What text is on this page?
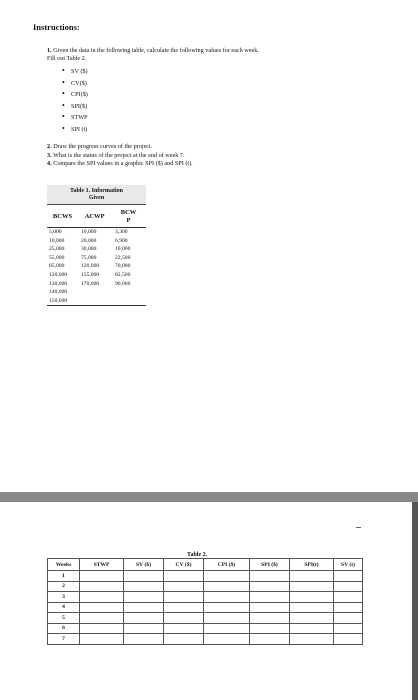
Instructions:
1. Given the data in the following table, calculate the following values for each week.
Fill out Table 2.
• SV ($)
• CV($)
• CPI($)
• SPI($)
• STWP
• SPI (t)
2. Draw the progress curves of the project.
3. What is the status of the project at the end of week 7.
4. Compare the SPI values in a graphic SPI ($) and SPI (t).
Table 1. Information
Given
BCWS	ACWP
BCW
P
5,000	10,000	3,300
10,000	20,000	6,900
25,000	30,000	10,000
55,000	75,000	22,500
85,000	120,000	70,000
120,000	155,000	82,500
130,000	170,000	90,000
140,000
150,000
Table 2.
Weeks	STWP	SV ($)	CV ($)	CPI ($)	SPI ($)	SPI(t)	SV (t)
1							
2							
3							
4							
5							
6							
7							
